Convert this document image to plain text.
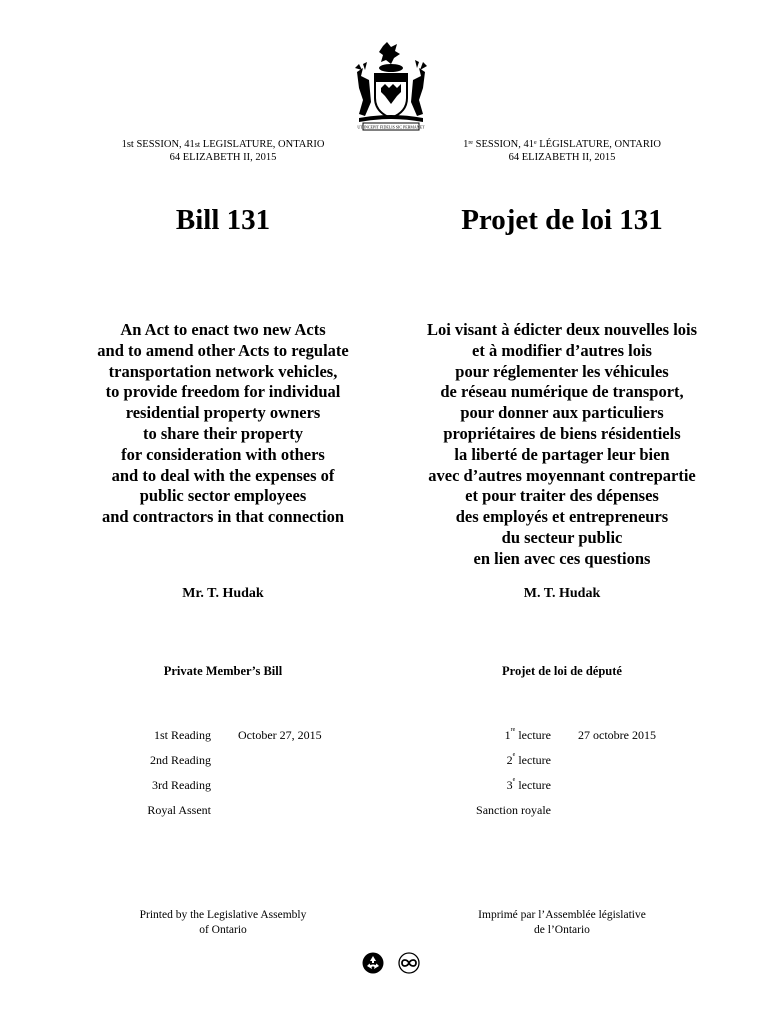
UT INCEPIT FIDELIS SIC PERMANET
1st SESSION, 41st LEGISLATURE, ONTARIO
64 ELIZABETH II, 2015
1re SESSION, 41e LÉGISLATURE, ONTARIO
64 ELIZABETH II, 2015
Bill 131	Projet de loi 131
An Act to enact two new Acts
and to amend other Acts to regulate
transportation network vehicles,
to provide freedom for individual
residential property owners
to share their property
for consideration with others
and to deal with the expenses of
public sector employees
and contractors in that connection
Loi visant à édicter deux nouvelles lois
et à modifier d’autres lois
pour réglementer les véhicules
de réseau numérique de transport,
pour donner aux particuliers
propriétaires de biens résidentiels
la liberté de partager leur bien
avec d’autres moyennant contrepartie
et pour traiter des dépenses
des employés et entrepreneurs
du secteur public
en lien avec ces questions
Mr. T. Hudak	M. T. Hudak
Private Member’s Bill	Projet de loi de député
1st Reading October 27, 2015
2nd Reading
3rd Reading
Royal Assent
1re lecture 27 octobre 2015
2e lecture
3e lecture
Sanction royale
Printed by the Legislative Assembly
of Ontario
Imprimé par l’Assemblée législative
de l’Ontario
